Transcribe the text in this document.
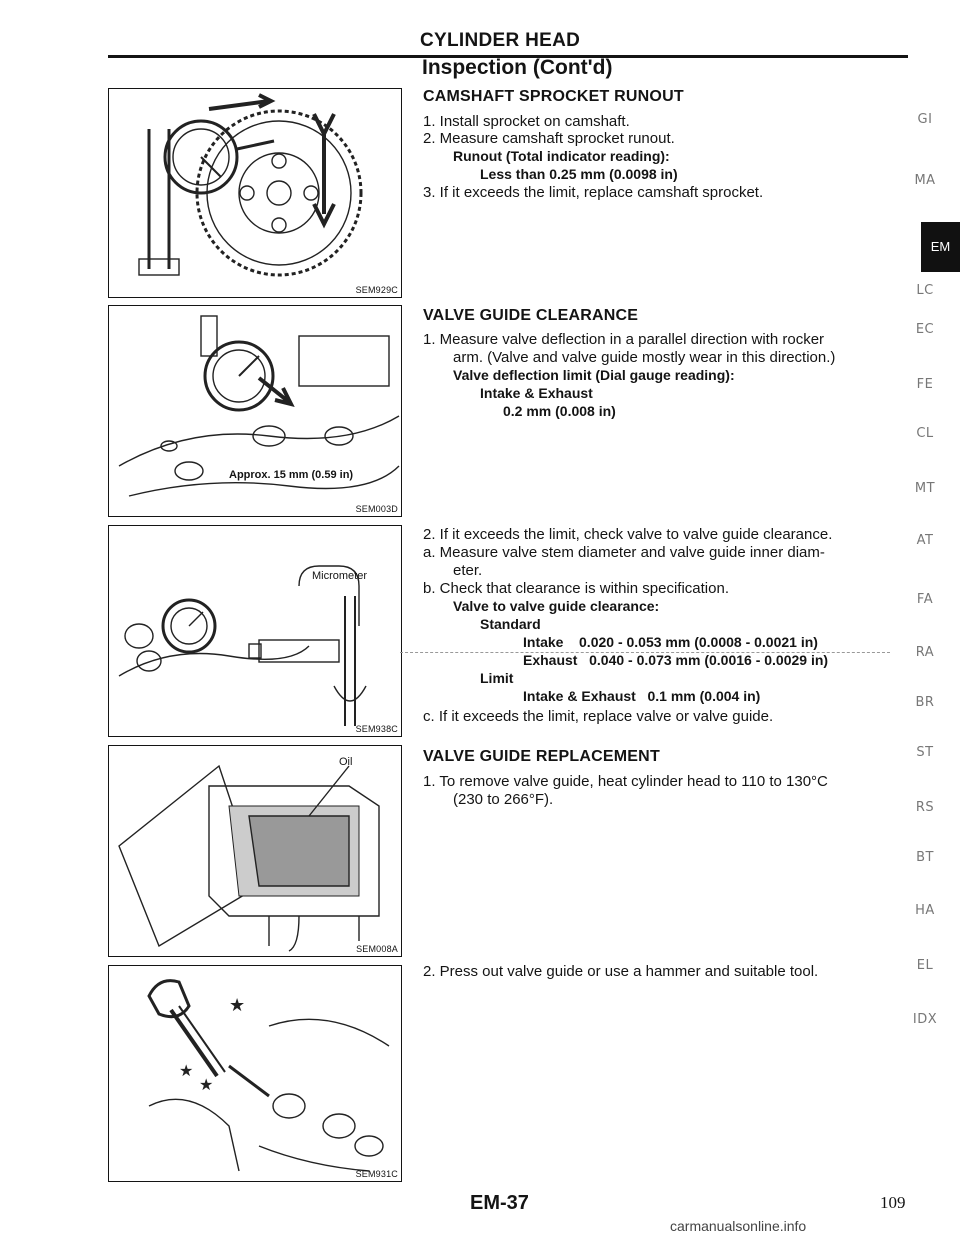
CYLINDER HEAD
Inspection (Cont'd)
SEM929C
Approx. 15 mm (0.59 in)
SEM003D
Micrometer
SEM938C
Oil
SEM008A
★
★
★
SEM931C
CAMSHAFT SPROCKET RUNOUT
1. Install sprocket on camshaft.
2. Measure camshaft sprocket runout.
Runout (Total indicator reading):
Less than 0.25 mm (0.0098 in)
3. If it exceeds the limit, replace camshaft sprocket.
VALVE GUIDE CLEARANCE
1. Measure valve deflection in a parallel direction with rocker
arm. (Valve and valve guide mostly wear in this direction.)
Valve deflection limit (Dial gauge reading):
Intake & Exhaust
0.2 mm (0.008 in)
2. If it exceeds the limit, check valve to valve guide clearance.
a. Measure valve stem diameter and valve guide inner diam-
eter.
b. Check that clearance is within specification.
Valve to valve guide clearance:
Standard
Intake    0.020 - 0.053 mm (0.0008 - 0.0021 in)
Exhaust   0.040 - 0.073 mm (0.0016 - 0.0029 in)
Limit
Intake & Exhaust   0.1 mm (0.004 in)
c. If it exceeds the limit, replace valve or valve guide.
VALVE GUIDE REPLACEMENT
1. To remove valve guide, heat cylinder head to 110 to 130°C
(230 to 266°F).
2. Press out valve guide or use a hammer and suitable tool.
GI
MA
EM
LC
EC
FE
CL
MT
AT
FA
RA
BR
ST
RS
BT
HA
EL
IDX
EM-37	109
carmanualsonline.info
